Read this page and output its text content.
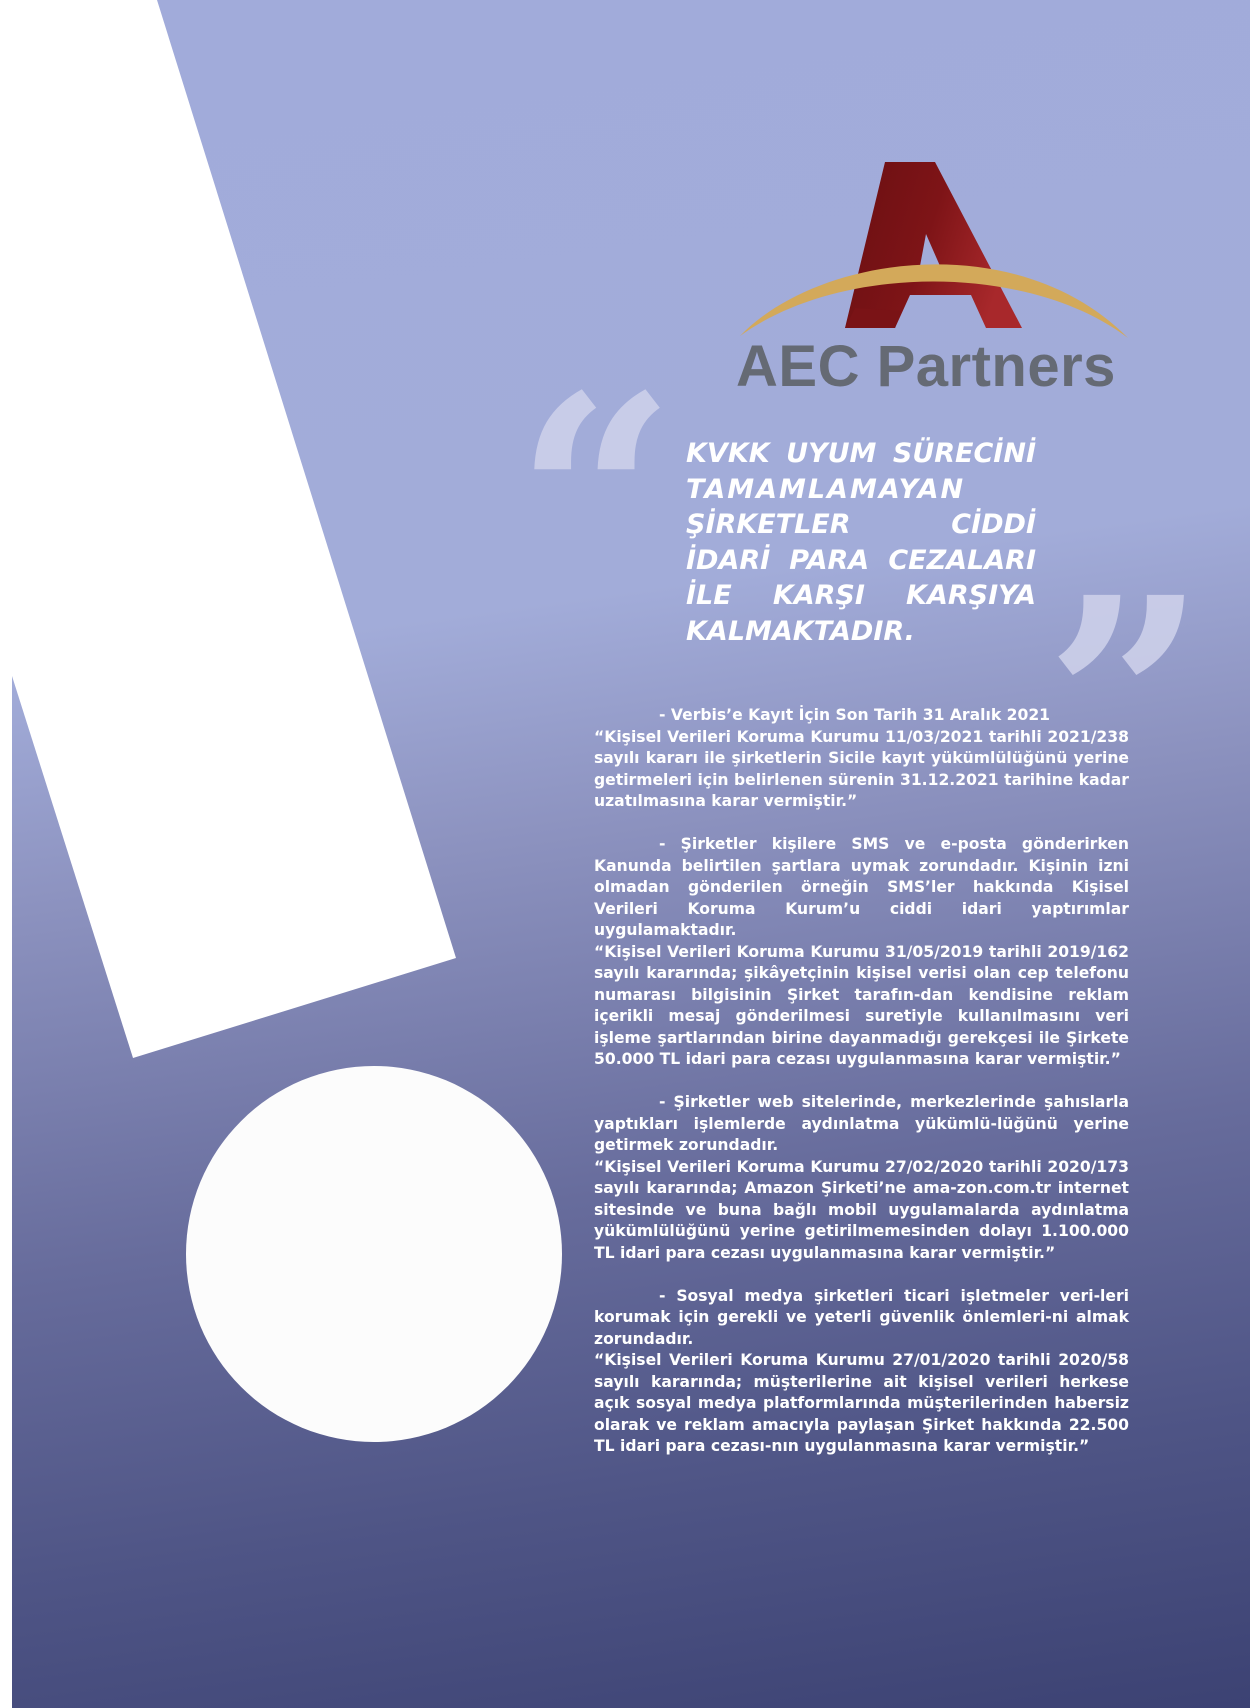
AEC Partners
“
”
KVKK UYUM SÜRECİNİ
TAMAMLAMAYAN
ŞİRKETLER CİDDİ
İDARİ PARA CEZALARI
İLE KARŞI KARŞIYA
KALMAKTADIR.

- Verbis’e Kayıt İçin Son Tarih 31 Aralık 2021

“Kişisel Verileri Koruma Kurumu 11/03/2021 tarihli 2021/238 sayılı kararı ile şirketlerin Sicile kayıt yükümlülüğünü yerine getirmeleri için belirlenen sürenin 31.12.2021 tarihine kadar uzatılmasına karar vermiştir.”

- Şirketler kişilere SMS ve e-posta gönderirken Kanunda belirtilen şartlara uymak zorundadır. Kişinin izni olmadan gönderilen örneğin SMS’ler hakkında Kişisel Verileri Koruma Kurum’u ciddi idari yaptırımlar uygulamaktadır.

“Kişisel Verileri Koruma Kurumu 31/05/2019 tarihli 2019/162 sayılı kararında; şikâyetçinin kişisel verisi olan cep telefonu numarası bilgisinin Şirket tarafın-dan kendisine reklam içerikli mesaj gönderilmesi suretiyle kullanılmasını veri işleme şartlarından birine dayanmadığı gerekçesi ile Şirkete 50.000 TL idari para cezası uygulanmasına karar vermiştir.”

- Şirketler web sitelerinde, merkezlerinde şahıslarla yaptıkları işlemlerde aydınlatma yükümlü-lüğünü yerine getirmek zorundadır.

“Kişisel Verileri Koruma Kurumu 27/02/2020 tarihli 2020/173 sayılı kararında; Amazon Şirketi’ne ama-zon.com.tr internet sitesinde ve buna bağlı mobil uygulamalarda aydınlatma yükümlülüğünü yerine getirilmemesinden dolayı 1.100.000 TL idari para cezası uygulanmasına karar vermiştir.”

- Sosyal medya şirketleri ticari işletmeler veri-leri korumak için gerekli ve yeterli güvenlik önlemleri-ni almak zorundadır.

“Kişisel Verileri Koruma Kurumu 27/01/2020 tarihli 2020/58 sayılı kararında; müşterilerine ait kişisel verileri herkese açık sosyal medya platformlarında müşterilerinden habersiz olarak ve reklam amacıyla paylaşan Şirket hakkında 22.500 TL idari para cezası-nın uygulanmasına karar vermiştir.”
